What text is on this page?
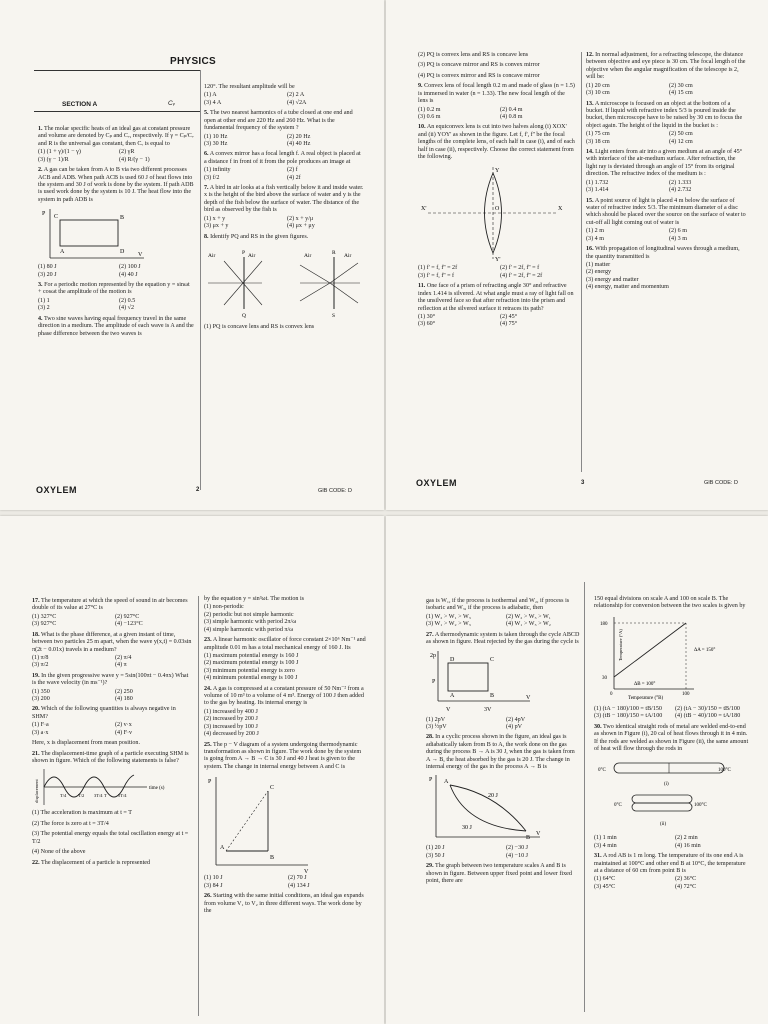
PHYSICS
SECTION A	Cᵥ
1. The molar specific heats of an ideal gas at constant pressure and volume are denoted by Cₚ and Cᵥ, respectively. If γ = Cₚ/Cᵥ and R is the universal gas constant, then Cᵥ is equal to
(1) (1 + γ)/(1 − γ)	(2) γR
(3) (γ − 1)/R	(4) R/(γ − 1)
2. A gas can be taken from A to B via two different processes ACB and ADB. When path ACB is used 60 J of heat flows into the system and 30 J of work is done by the system. If path ADB is used work done by the system is 10 J. The heat flow into the system in path ADB is
P
V
A
B
C
D
(1) 80 J	(2) 100 J
(3) 20 J	(4) 40 J
3. For a periodic motion represented by the equation y = sinωt + cosωt the amplitude of the motion is
(1) 1	(2) 0.5
(3) 2	(4) √2
4. Two sine waves having equal frequency travel in the same direction in a medium. The amplitude of each wave is A and the phase difference between the two waves is
120°. The resultant amplitude will be
(1) A	(2) 2 A
(3) 4 A	(4) √2A
5. The two nearest harmonics of a tube closed at one end and open at other end are 220 Hz and 260 Hz. What is the fundamental frequency of the system ?
(1) 10 Hz	(2) 20 Hz
(3) 30 Hz	(4) 40 Hz
6. A convex mirror has a focal length f. A real object is placed at a distance f in front of it from the pole produces an image at
(1) infinity	(2) f
(3) f/2	(4) 2f
7. A bird in air looks at a fish vertically below it and inside water. x is the height of the bird above the surface of water and y is the depth of the fish below the surface of water. The distance of the bird as observed by the fish is
(1) x + y	(2) x + y/μ
(3) μx + y	(4) μx + μy
8. Identify PQ and RS in the given figures.
Air	Air
P
Q
Air	Air
R
S
(1) PQ is concave lens and RS is convex lens
OXYLEM	2	GIB CODE: D
(2) PQ is convex lens and RS is concave lens
(3) PQ is concave mirror and RS is convex mirror
(4) PQ is convex mirror and RS is concave mirror
9. Convex lens of focal length 0.2 m and made of glass (n = 1.5) is immersed in water (n = 1.33). The new focal length of the lens is
(1) 0.2 m	(2) 0.4 m
(3) 0.6 m	(4) 0.8 m
10. An equiconvex lens is cut into two halves along (i) XOX' and (ii) YOY' as shown in the figure. Let f, f', f'' be the focal lengths of the complete lens, of each half in case (i), and of each half in case (ii), respectively. Choose the correct statement from the following.
X
X'
Y
Y'
O
(1) f' = f, f'' = 2f	(2) f' = 2f, f'' = f
(3) f' = f, f'' = f	(4) f' = 2f, f'' = 2f
11. One face of a prism of refracting angle 30° and refractive index 1.414 is silvered. At what angle must a ray of light fall on the unsilvered face so that after refraction into the prism and reflection at the silvered surface it retraces its path?
(1) 30°	(2) 45°
(3) 60°	(4) 75°
12. In normal adjustment, for a refracting telescope, the distance between objective and eye piece is 30 cm. The focal length of the objective when the angular magnification of the telescope is 2, will be:
(1) 20 cm	(2) 30 cm
(3) 10 cm	(4) 15 cm
13. A microscope is focused on an object at the bottom of a bucket. If liquid with refractive index 5/3 is poured inside the bucket, then microscope have to be raised by 30 cm to focus the object again. The height of the liquid in the bucket is :
(1) 75 cm	(2) 50 cm
(3) 18 cm	(4) 12 cm
14. Light enters from air into a given medium at an angle of 45° with interface of the air-medium surface. After refraction, the light ray is deviated through an angle of 15° from its original direction. The refractive index of the medium is :
(1) 1.732	(2) 1.333
(3) 1.414	(4) 2.732
15. A point source of light is placed 4 m below the surface of water of refractive index 5/3. The minimum diameter of a disc which should be placed over the source on the surface of water to cut-off all light coming out of water is
(1) 2 m	(2) 6 m
(3) 4 m	(4) 3 m
16. With propagation of longitudinal waves through a medium, the quantity transmitted is
(1) matter
(2) energy
(3) energy and matter
(4) energy, matter and momentum
OXYLEM	3	GIB CODE: D
17. The temperature at which the speed of sound in air becomes double of its value at 27°C is
(1) 327°C	(2) 927°C
(3) 927°C	(4) −123°C
18. What is the phase difference, at a given instant of time, between two particles 25 m apart, when the wave y(x,t) = 0.03sin π(2t − 0.01x) travels in a medium?
(1) π/8	(2) π/4
(3) π/2	(4) π
19. In the given progressive wave y = 5sin(100πt − 0.4πx) What is the wave velocity (in ms⁻¹)?
(1) 350	(2) 250
(3) 200	(4) 180
20. Which of the following quantities is always negative in SHM?
(1) F·a	(2) v·x
(3) a·x	(4) F·v
Here, x is displacement from mean position.
21. The displacement-time graph of a particle executing SHM is shown in figure. Which of the following statements is false?
displacement	time (s)
T/4	T/2 3T/4 T	5T/4
(1) The acceleration is maximum at t = T
(2) The force is zero at t = 3T/4
(3) The potential energy equals the total oscillation energy at t = T/2
(4) None of the above
22. The displacement of a particle is represented
by the equation y = sin³ωt. The motion is
(1) non-periodic
(2) periodic but not simple harmonic
(3) simple harmonic with period 2π/ω
(4) simple harmonic with period π/ω
23. A linear harmonic oscillator of force constant 2×10⁶ Nm⁻¹ and amplitude 0.01 m has a total mechanical energy of 160 J. Its
(1) maximum potential energy is 160 J
(2) maximum potential energy is 100 J
(3) minimum potential energy is zero
(4) minimum potential energy is 100 J
24. A gas is compressed at a constant pressure of 50 Nm⁻² from a volume of 10 m³ to a volume of 4 m³. Energy of 100 J then added to the gas by heating. Its internal energy is
(1) increased by 400 J
(2) increased by 200 J
(3) increased by 100 J
(4) decreased by 200 J
25. The p − V diagram of a system undergoing thermodynamic transformation as shown in figure. The work done by the system is going from A → B → C is 30 J and 40 J heat is given to the system. The change in internal energy between A and C is
P
V
A
B
C
(1) 10 J	(2) 70 J
(3) 84 J	(4) 134 J
26. Starting with the same initial conditions, an ideal gas expands from volume V₁ to V₂ in three different ways. The work done by the
gas is W₁, if the process is isothermal and W₂, if process is isobaric and W₃, if the process is adiabatic, then
(1) W₂ > W₁ > W₃	(2) W₂ > W₃ > W₁
(3) W₁ > W₂ > W₃	(4) W₁ > W₃ > W₂
27. A thermodynamic system is taken through the cycle ABCD as shown in figure. Heat rejected by the gas during the cycle is
2p
P
V
A	B
C
D
V	3V
(1) 2pV	(2) 4pV
(3) ½pV	(4) pV
28. In a cyclic process shown in the figure, an ideal gas is adiabatically taken from B to A, the work done on the gas during the process B → A is 30 J, when the gas is taken from A → B, the heat absorbed by the gas is 20 J. The change in internal energy of the gas in the process A → B is
P
V
A
B
20 J
30 J
(1) 20 J	(2) −30 J
(3) 50 J	(4) −10 J
29. The graph between two temperature scales A and B is shown in figure. Between upper fixed point and lower fixed point, there are
150 equal divisions on scale A and 100 on scale B. The relationship for conversion between the two scales is given by
Temperature (°A)
Temperature (°B)
180
30
0	100
ΔA = 150°
ΔB = 100°
(1) (tA − 180)/100 = tB/150	(2) (tA − 30)/150 = tB/100
(3) (tB − 180)/150 = tA/100	(4) (tB − 40)/100 = tA/180
30. Two identical straight rods of metal are welded end-to-end as shown in Figure (i), 20 cal of heat flows through it in 4 min. If the rods are welded as shown in Figure (ii), the same amount of heat will flow through the rods in
0°C	100°C
(i)
0°C	100°C
(ii)
(1) 1 min	(2) 2 min
(3) 4 min	(4) 16 min
31. A rod AB is 1 m long. The temperature of its one end A is maintained at 100°C and other end B at 10°C, the temperature at a distance of 60 cm from point B is
(1) 64°C	(2) 36°C
(3) 45°C	(4) 72°C
